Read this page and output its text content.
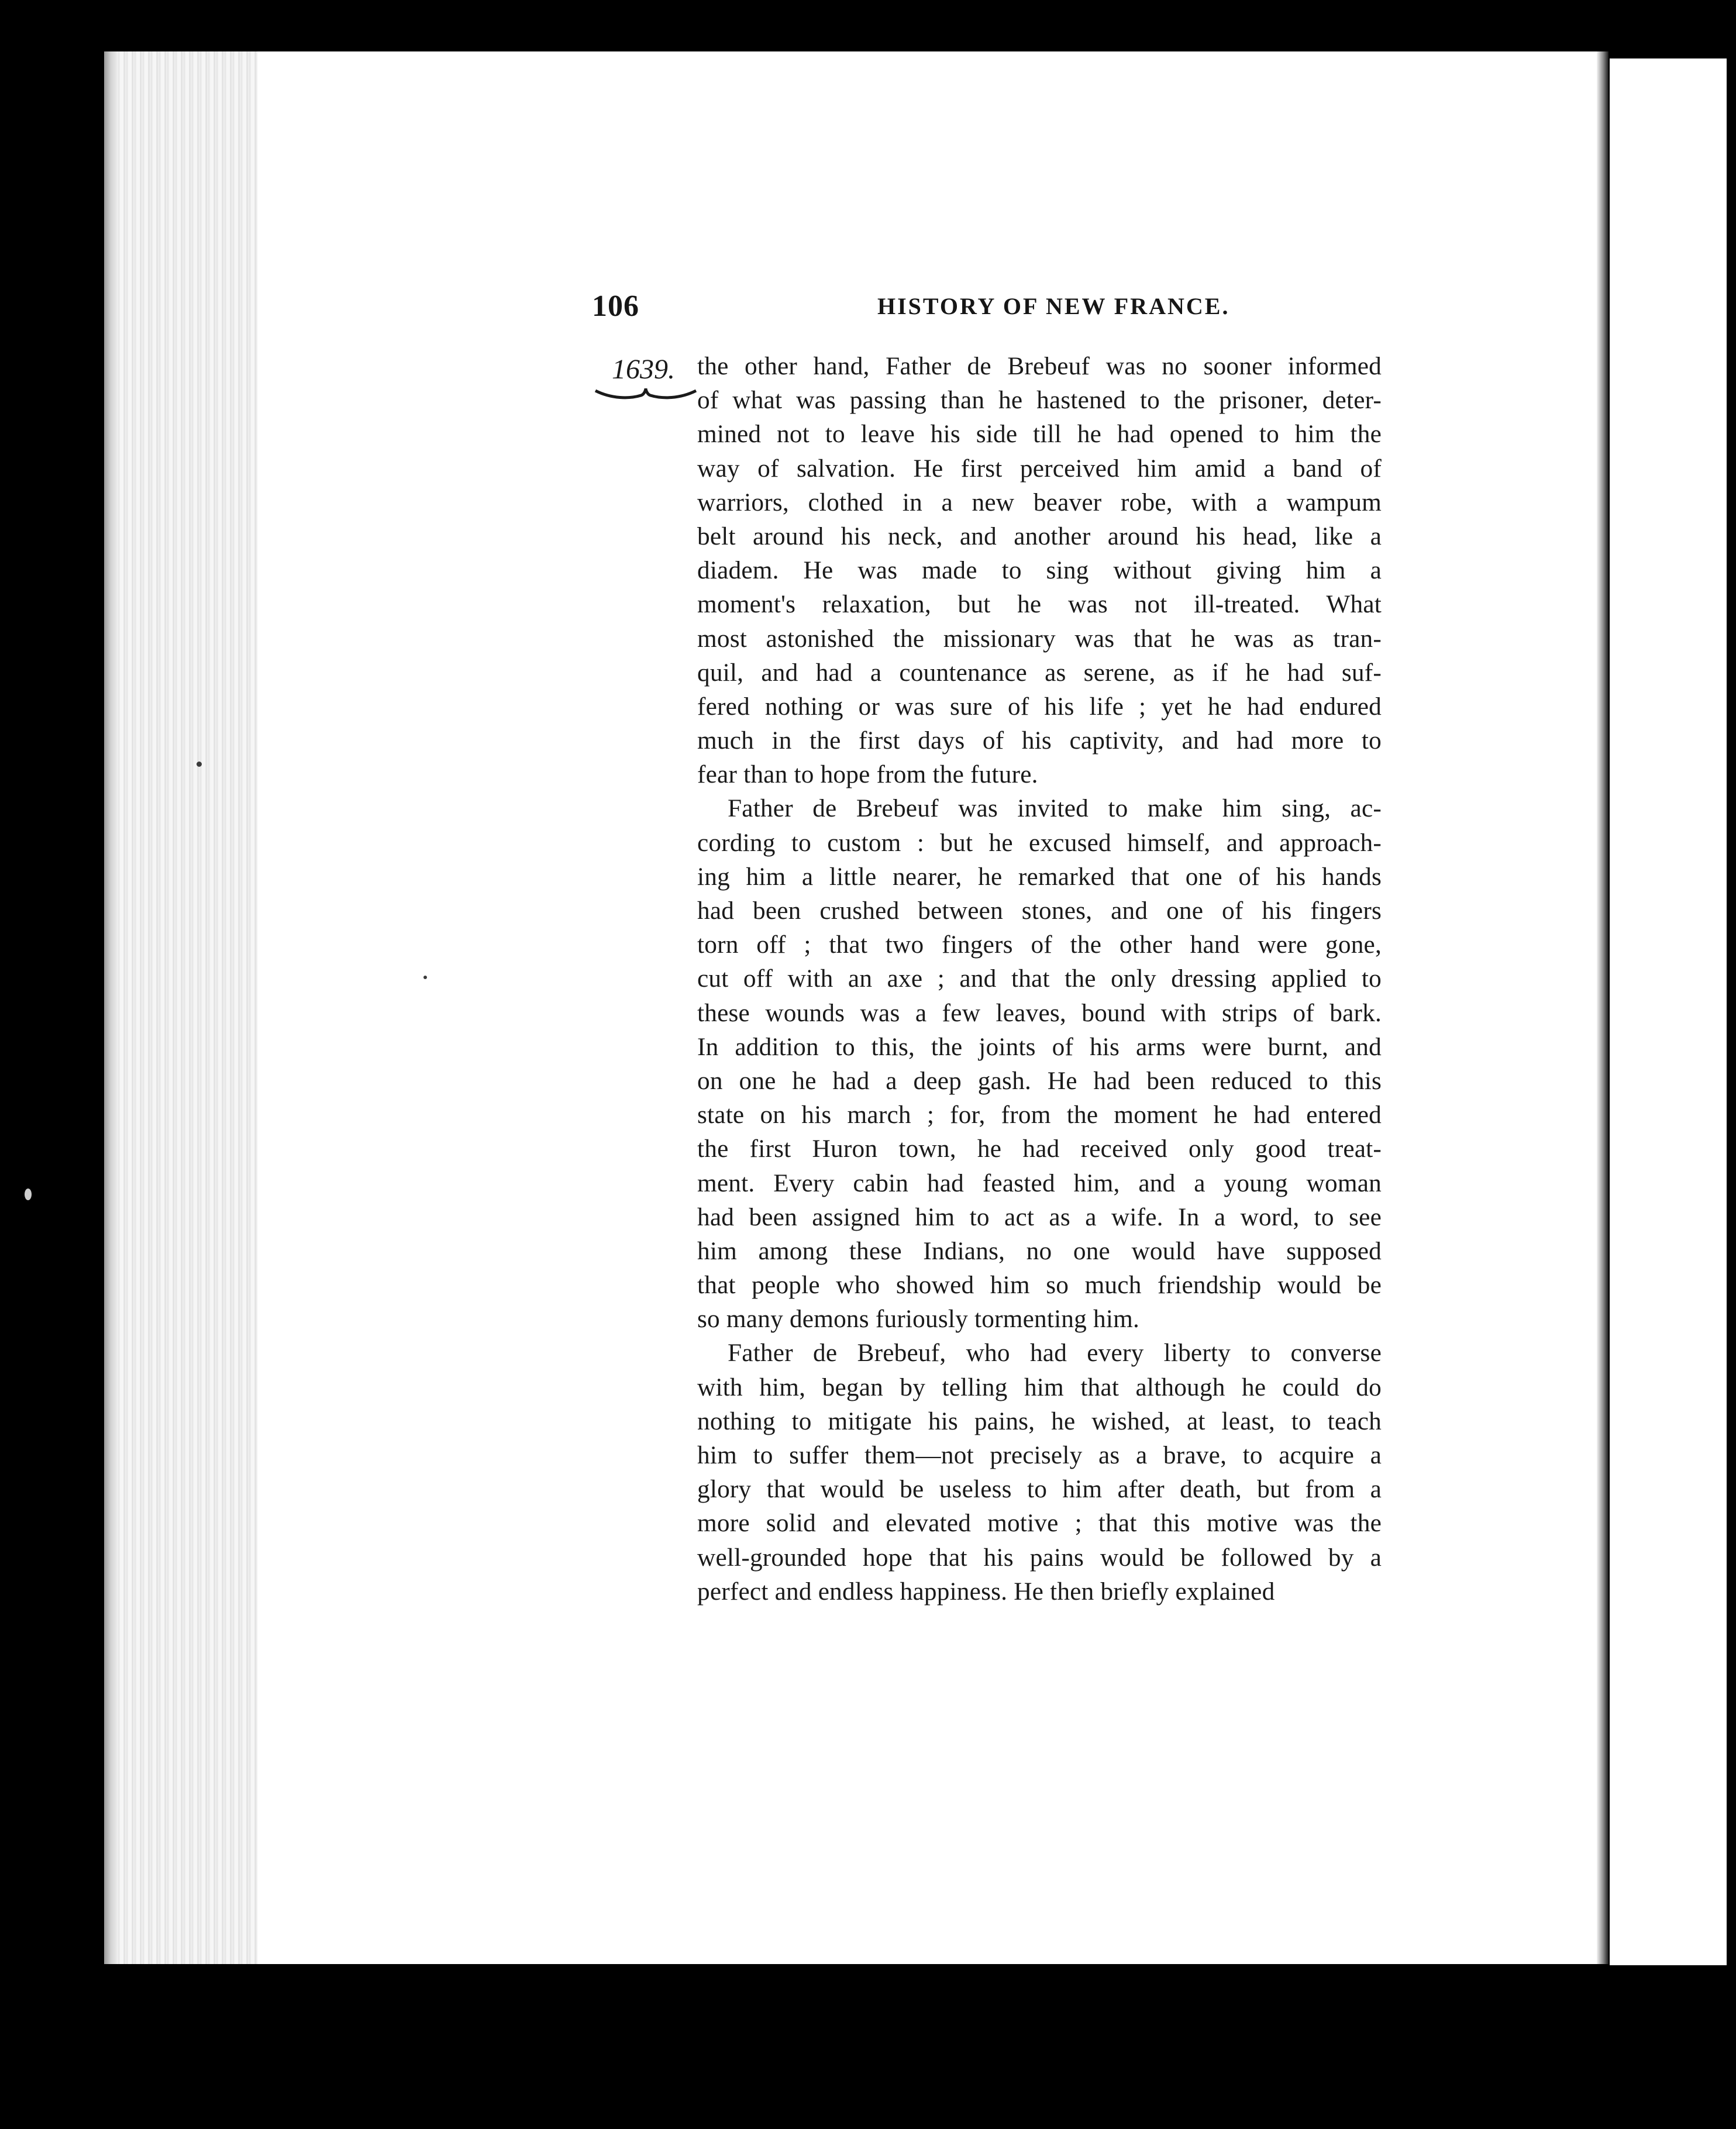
106	HISTORY OF NEW FRANCE.
1639. the other hand, Father de Brebeuf was no sooner informed
of what was passing than he hastened to the prisoner, deter-
mined not to leave his side till he had opened to him the
way of salvation. He first perceived him amid a band of
warriors, clothed in a new beaver robe, with a wampum
belt around his neck, and another around his head, like a
diadem. He was made to sing without giving him a
moment's relaxation, but he was not ill-treated. What
most astonished the missionary was that he was as tran-
quil, and had a countenance as serene, as if he had suf-
fered nothing or was sure of his life ; yet he had endured
much in the first days of his captivity, and had more to
fear than to hope from the future.
Father de Brebeuf was invited to make him sing, ac-
cording to custom : but he excused himself, and approach-
ing him a little nearer, he remarked that one of his hands
had been crushed between stones, and one of his fingers
torn off ; that two fingers of the other hand were gone,
cut off with an axe ; and that the only dressing applied to
these wounds was a few leaves, bound with strips of bark.
In addition to this, the joints of his arms were burnt, and
on one he had a deep gash. He had been reduced to this
state on his march ; for, from the moment he had entered
the first Huron town, he had received only good treat-
ment. Every cabin had feasted him, and a young woman
had been assigned him to act as a wife. In a word, to see
him among these Indians, no one would have supposed
that people who showed him so much friendship would be
so many demons furiously tormenting him.
Father de Brebeuf, who had every liberty to converse
with him, began by telling him that although he could do
nothing to mitigate his pains, he wished, at least, to teach
him to suffer them—not precisely as a brave, to acquire a
glory that would be useless to him after death, but from a
more solid and elevated motive ; that this motive was the
well-grounded hope that his pains would be followed by a
perfect and endless happiness. He then briefly explained
